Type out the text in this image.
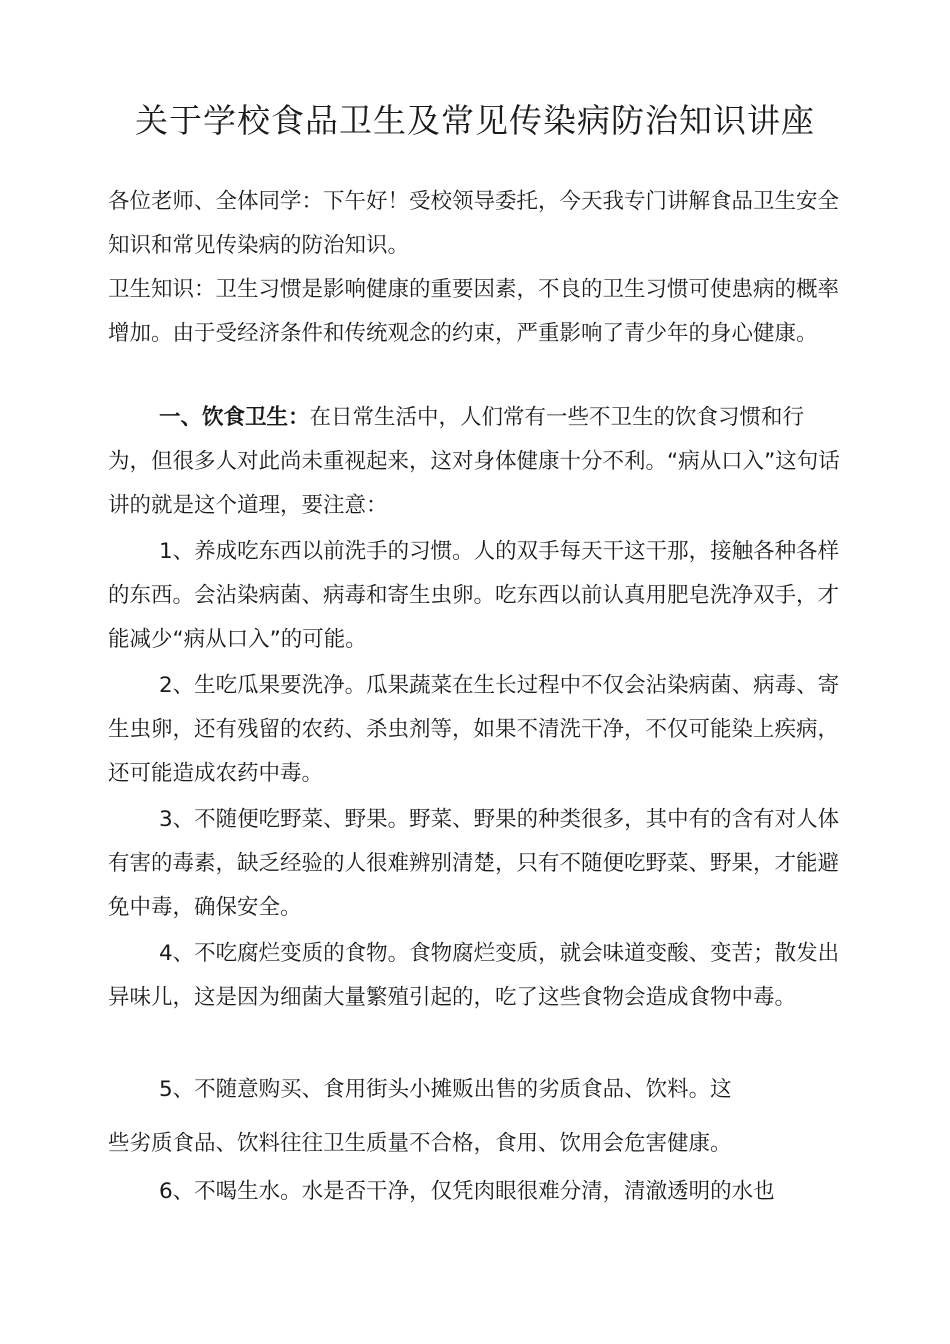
关于学校食品卫生及常见传染病防治知识讲座
各位老师、全体同学：下午好！受校领导委托，今天我专门讲解食品卫生安全知识和常见传染病的防治知识。
卫生知识：卫生习惯是影响健康的重要因素，不良的卫生习惯可使患病的概率增加。由于受经济条件和传统观念的约束，严重影响了青少年的身心健康。
一、饮食卫生：在日常生活中，人们常有一些不卫生的饮食习惯和行为，但很多人对此尚未重视起来，这对身体健康十分不利。“病从口入”这句话讲的就是这个道理，要注意：
1、养成吃东西以前洗手的习惯。人的双手每天干这干那，接触各种各样的东西。会沾染病菌、病毒和寄生虫卵。吃东西以前认真用肥皂洗净双手，才能减少“病从口入”的可能。
2、生吃瓜果要洗净。瓜果蔬菜在生长过程中不仅会沾染病菌、病毒、寄生虫卵，还有残留的农药、杀虫剂等，如果不清洗干净，不仅可能染上疾病，还可能造成农药中毒。
3、不随便吃野菜、野果。野菜、野果的种类很多，其中有的含有对人体有害的毒素，缺乏经验的人很难辨别清楚，只有不随便吃野菜、野果，才能避免中毒，确保安全。
4、不吃腐烂变质的食物。食物腐烂变质，就会味道变酸、变苦；散发出异味儿，这是因为细菌大量繁殖引起的，吃了这些食物会造成食物中毒。
5、不随意购买、食用街头小摊贩出售的劣质食品、饮料。这
些劣质食品、饮料往往卫生质量不合格，食用、饮用会危害健康。
6、不喝生水。水是否干净，仅凭肉眼很难分清，清澈透明的水也
